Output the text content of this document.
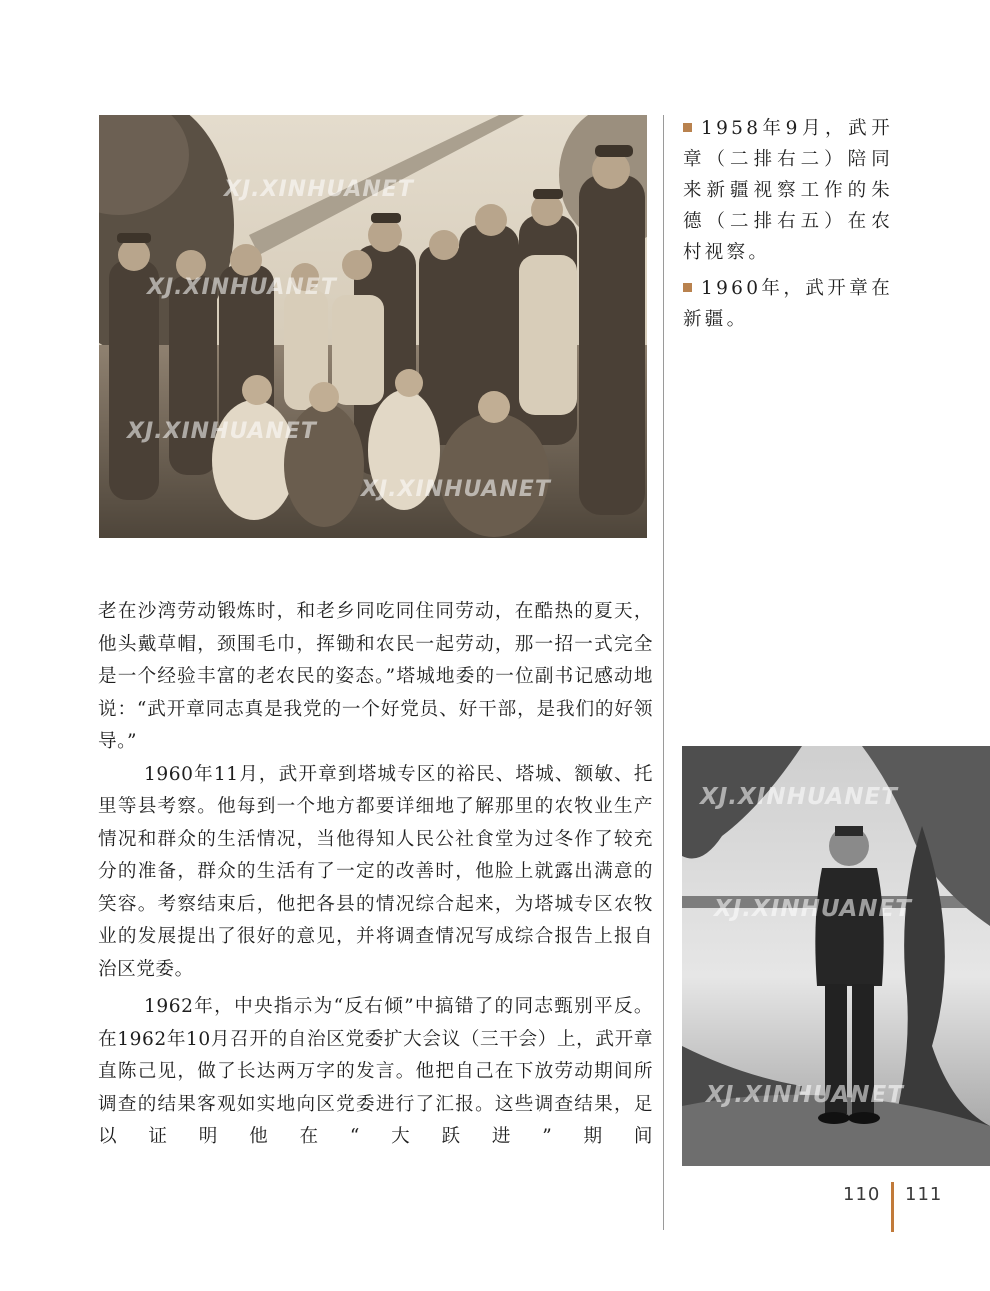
XJ.XINHUANET
XJ.XINHUANET
XJ.XINHUANET
XJ.XINHUANET
XJ.XINHUANET
XJ.XINHUANET
XJ.XINHUANET

1958年9月，武开章（二排右二）陪同来新疆视察工作的朱德（二排右五）在农村视察。

1960年，武开章在新疆。

老在沙湾劳动锻炼时，和老乡同吃同住同劳动，在酷热的夏天，他头戴草帽，颈围毛巾，挥锄和农民一起劳动，那一招一式完全是一个经验丰富的老农民的姿态。”塔城地委的一位副书记感动地说：“武开章同志真是我党的一个好党员、好干部，是我们的好领导。”

1960年11月，武开章到塔城专区的裕民、塔城、额敏、托里等县考察。他每到一个地方都要详细地了解那里的农牧业生产情况和群众的生活情况，当他得知人民公社食堂为过冬作了较充分的准备，群众的生活有了一定的改善时，他脸上就露出满意的笑容。考察结束后，他把各县的情况综合起来，为塔城专区农牧业的发展提出了很好的意见，并将调查情况写成综合报告上报自治区党委。

1962年，中央指示为“反右倾”中搞错了的同志甄别平反。在1962年10月召开的自治区党委扩大会议（三干会）上，武开章直陈己见，做了长达两万字的发言。他把自己在下放劳动期间所调查的结果客观如实地向区党委进行了汇报。这些调查结果，足以证明他在“大跃进”期间

110 111
